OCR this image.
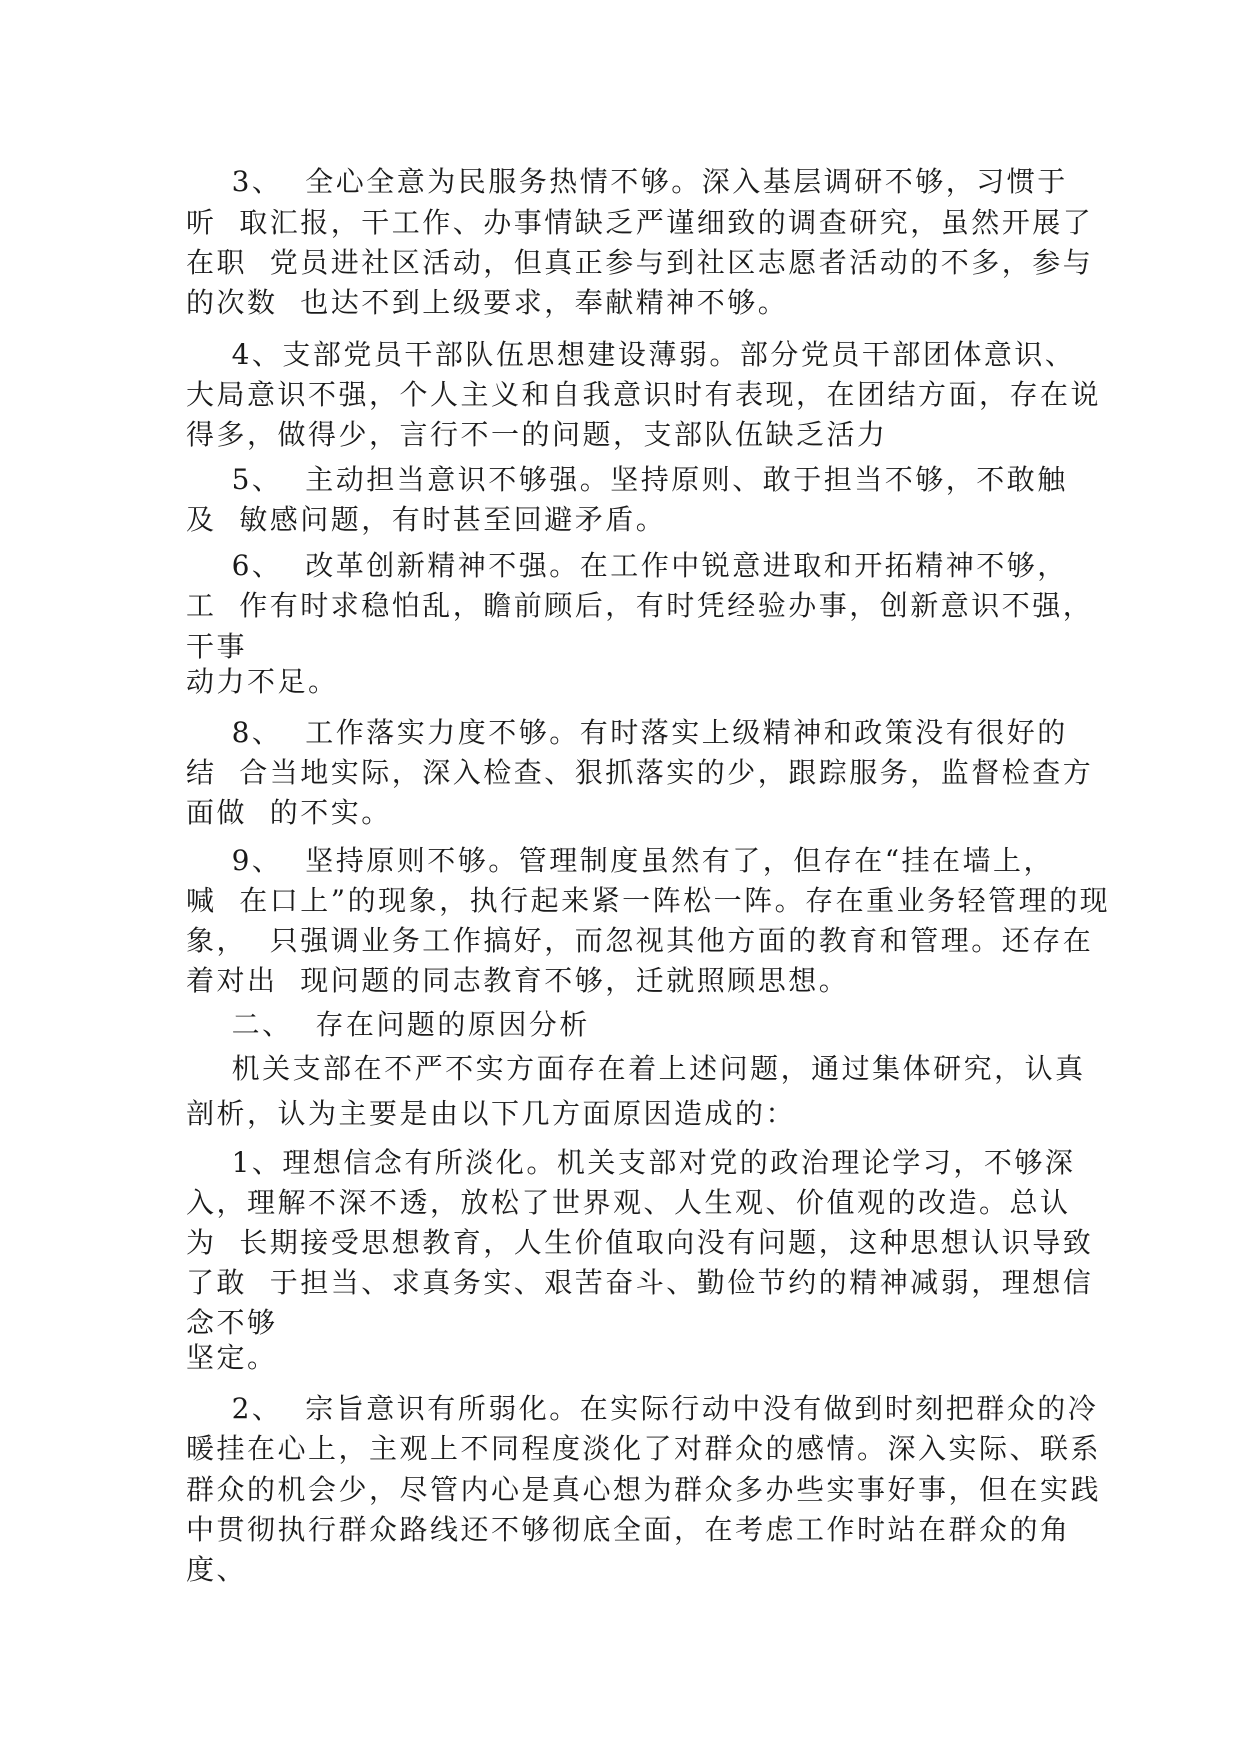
3、  全心全意为民服务热情不够。深入基层调研不够，习惯于

听  取汇报，干工作、办事情缺乏严谨细致的调查研究，虽然开展了

在职  党员进社区活动，但真正参与到社区志愿者活动的不多，参与

的次数  也达不到上级要求，奉献精神不够。

4、支部党员干部队伍思想建设薄弱。部分党员干部团体意识、

大局意识不强，个人主义和自我意识时有表现，在团结方面，存在说

得多，做得少，言行不一的问题，支部队伍缺乏活力

5、  主动担当意识不够强。坚持原则、敢于担当不够，不敢触

及  敏感问题，有时甚至回避矛盾。

6、  改革创新精神不强。在工作中锐意进取和开拓精神不够，

工  作有时求稳怕乱，瞻前顾后，有时凭经验办事，创新意识不强，

干事

动力不足。

8、  工作落实力度不够。有时落实上级精神和政策没有很好的

结  合当地实际，深入检查、狠抓落实的少，跟踪服务，监督检查方

面做  的不实。

9、  坚持原则不够。管理制度虽然有了，但存在“挂在墙上，

喊  在口上”的现象，执行起来紧一阵松一阵。存在重业务轻管理的现

象，  只强调业务工作搞好，而忽视其他方面的教育和管理。还存在

着对出  现问题的同志教育不够，迁就照顾思想。

二、  存在问题的原因分析

机关支部在不严不实方面存在着上述问题，通过集体研究，认真

剖析，认为主要是由以下几方面原因造成的：

1、理想信念有所淡化。机关支部对党的政治理论学习，不够深

入，理解不深不透，放松了世界观、人生观、价值观的改造。总认

为  长期接受思想教育，人生价值取向没有问题，这种思想认识导致

了敢  于担当、求真务实、艰苦奋斗、勤俭节约的精神减弱，理想信

念不够

坚定。

2、  宗旨意识有所弱化。在实际行动中没有做到时刻把群众的冷

暖挂在心上，主观上不同程度淡化了对群众的感情。深入实际、联系

群众的机会少，尽管内心是真心想为群众多办些实事好事，但在实践

中贯彻执行群众路线还不够彻底全面，在考虑工作时站在群众的角

度、
